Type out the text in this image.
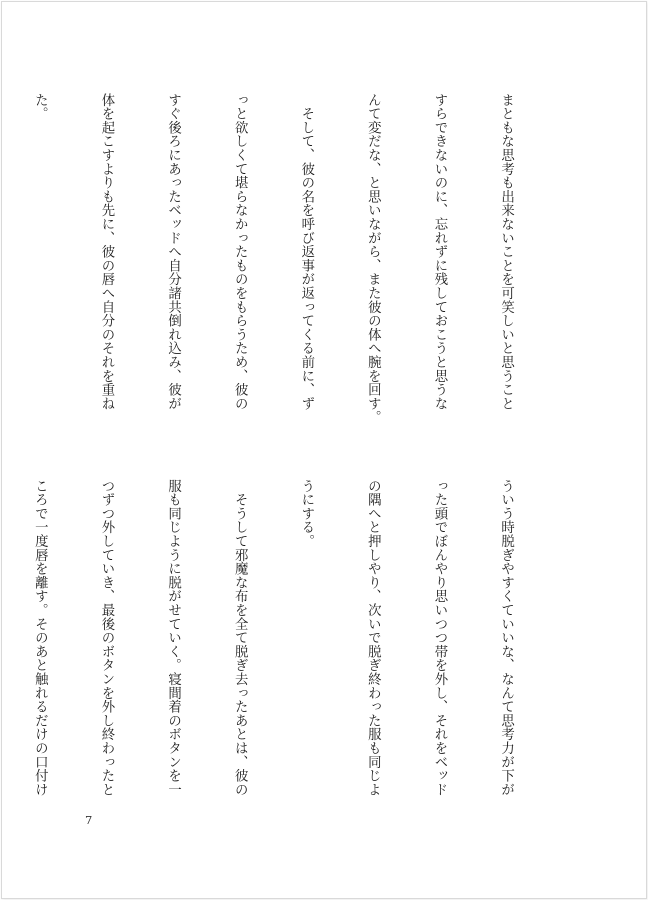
まともな思考も出来ないことを可笑しいと思うこと

すらできないのに、忘れずに残しておこうと思うな

んて変だな、と思いながら、また彼の体へ腕を回す。

　そして、彼の名を呼び返事が返ってくる前に、ず

っと欲しくて堪らなかったものをもらうため、彼の

すぐ後ろにあったベッドへ自分諸共倒れ込み、彼が

体を起こすよりも先に、彼の唇へ自分のそれを重ね

た。

ういう時脱ぎやすくていいな、なんて思考力が下が

った頭でぼんやり思いつつ帯を外し、それをベッド

の隅へと押しやり、次いで脱ぎ終わった服も同じよ

うにする。

　そうして邪魔な布を全て脱ぎ去ったあとは、彼の

服も同じように脱がせていく。寝間着のボタンを一

つずつ外していき、最後のボタンを外し終わったと

ころで一度唇を離す。そのあと触れるだけの口付け

7
